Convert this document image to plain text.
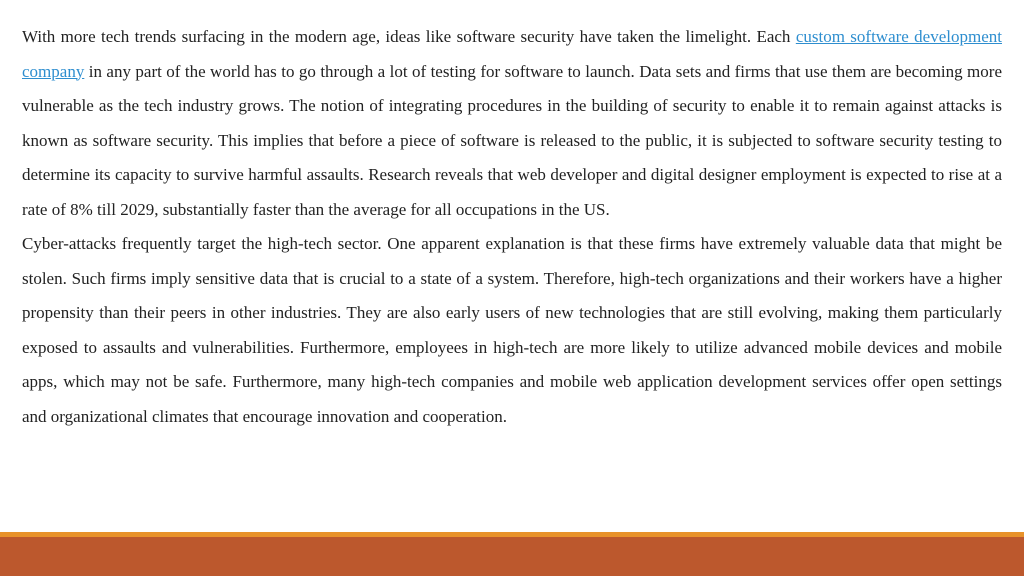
With more tech trends surfacing in the modern age, ideas like software security have taken the limelight. Each custom software development company in any part of the world has to go through a lot of testing for software to launch. Data sets and firms that use them are becoming more vulnerable as the tech industry grows. The notion of integrating procedures in the building of security to enable it to remain against attacks is known as software security. This implies that before a piece of software is released to the public, it is subjected to software security testing to determine its capacity to survive harmful assaults. Research reveals that web developer and digital designer employment is expected to rise at a rate of 8% till 2029, substantially faster than the average for all occupations in the US.

Cyber-attacks frequently target the high-tech sector. One apparent explanation is that these firms have extremely valuable data that might be stolen. Such firms imply sensitive data that is crucial to a state of a system. Therefore, high-tech organizations and their workers have a higher propensity than their peers in other industries. They are also early users of new technologies that are still evolving, making them particularly exposed to assaults and vulnerabilities. Furthermore, employees in high-tech are more likely to utilize advanced mobile devices and mobile apps, which may not be safe. Furthermore, many high-tech companies and mobile web application development services offer open settings and organizational climates that encourage innovation and cooperation.
